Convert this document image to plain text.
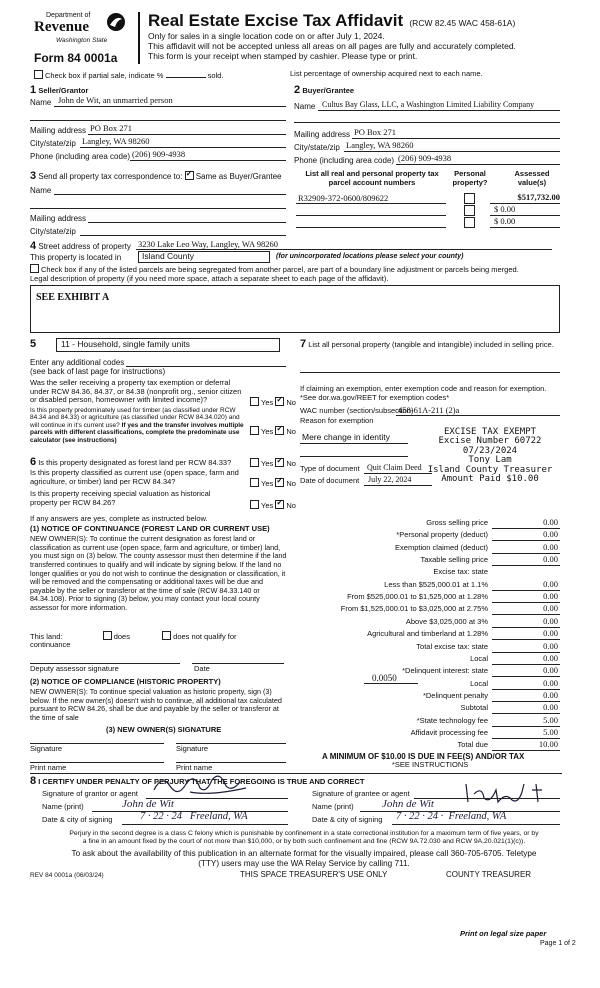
Department of
Revenue
Washington State
Form 84 0001a
Real Estate Excise Tax Affidavit (RCW 82.45 WAC 458-61A)
Only for sales in a single location code on or after July 1, 2024.
This affidavit will not be accepted unless all areas on all pages are fully and accurately completed.
This form is your receipt when stamped by cashier. Please type or print.
Check box if partial sale, indicate %	sold.	List percentage of ownership acquired next to each name.
1 Seller/Grantor
Name John de Wit, an unmarried person
Mailing address PO Box 271
City/state/zip Langley, WA 98260
Phone (including area code) (206) 909-4938
2 Buyer/Grantee
Name Cultus Bay Glass, LLC, a Washington Limited Liability Company
Mailing address PO Box 271
City/state/zip Langley, WA 98260
Phone (including area code) (206) 909-4938
3 Send all property tax correspondence to: ✓ Same as Buyer/Grantee
Name
Mailing address
City/state/zip
List all real and personal property tax parcel account numbers
Personal property?
Assessed value(s)
R32909-372-0600/809622	$517,732.00
$ 0.00
$ 0.00
4 Street address of property 3230 Lake Leo Way, Langley, WA 98260
This property is located in Island County	(for unincorporated locations please select your county)
Check box if any of the listed parcels are being segregated from another parcel, are part of a boundary line adjustment or parcels being merged.
Legal description of property (if you need more space, attach a separate sheet to each page of the affidavit).
SEE EXHIBIT A
5	11 - Household, single family units
Enter any additional codes
(see back of last page for instructions)
Was the seller receiving a property tax exemption or deferral under RCW 84.36, 84.37, or 84.38 (nonprofit org., senior citizen or disabled person, homeowner with limited income)?	Yes ✓ No
Is this property predominately used for timber (as classified under RCW 84.34 and 84.33) or agriculture (as classified under RCW 84.34.020) and will continue in it's current use? If yes and the transfer involves multiple parcels with different classifications, complete the predominate use calculator (see instructions)
Yes ✓ No
6 Is this property designated as forest land per RCW 84.33?	Yes ✓ No
Is this property classified as current use (open space, farm and agriculture, or timber) land per RCW 84.34?	Yes ✓ No
Is this property receiving special valuation as historical property per RCW 84.26?	Yes ✓ No
If any answers are yes, complete as instructed below.
(1) NOTICE OF CONTINUANCE (FOREST LAND OR CURRENT USE)
NEW OWNER(S): To continue the current designation as forest land or classification as current use (open space, farm and agriculture, or timber) land, you must sign on (3) below. The county assessor must then determine if the land transferred continues to qualify and will indicate by signing below. If the land no longer qualifies or you do not wish to continue the designation or classification, it will be removed and the compensating or additional taxes will be due and payable by the seller or transferor at the time of sale (RCW 84.33.140 or 84.34.108). Prior to signing (3) below, you may contact your local county assessor for more information.
This land:	does	does not qualify for
continuance
Deputy assessor signature	Date
(2) NOTICE OF COMPLIANCE (HISTORIC PROPERTY)
NEW OWNER(S): To continue special valuation as historic property, sign (3) below. If the new owner(s) doesn't wish to continue, all additional tax calculated pursuant to RCW 84.26, shall be due and payable by the seller or transferor at the time of sale
(3) NEW OWNER(S) SIGNATURE
Signature	Signature
Print name	Print name
7 List all personal property (tangible and intangible) included in selling price.
If claiming an exemption, enter exemption code and reason for exemption. *See dor.wa.gov/REET for exemption codes*
WAC number (section/subsection)
458-61A-211 (2)a
Reason for exemption
Mere change in identity	EXCISE TAX EXEMPT
Excise Number 60722
07/23/2024
Tony Lam
Island County Treasurer
Amount Paid $10.00
Type of document Quit Claim Deed
Date of document July 22, 2024
Gross selling price	0.00
*Personal property (deduct)	0.00
Exemption claimed (deduct)	0.00
Taxable selling price	0.00
Excise tax: state
Less than $525,000.01 at 1.1%	0.00
From $525,000.01 to $1,525,000 at 1.28%	0.00
From $1,525,000.01 to $3,025,000 at 2.75%	0.00
Above $3,025,000 at 3%	0.00
Agricultural and timberland at 1.28%	0.00
Total excise tax: state	0.00
Local	0.00
*Delinquent interest: state	0.00
Local	0.00
*Delinquent penalty	0.00
Subtotal	0.00
*State technology fee	5.00
Affidavit processing fee	5.00
Total due	10.00
0.0050
A MINIMUM OF $10.00 IS DUE IN FEE(S) AND/OR TAX
*SEE INSTRUCTIONS
8 I CERTIFY UNDER PENALTY OF PERJURY THAT THE FOREGOING IS TRUE AND CORRECT
Signature of grantor or agent	Signature of grantee or agent
Name (print)	John de Wit	Name (print)	John de Wit
Date & city of signing	7 · 22 · 24   Freeland, WA	Date & city of signing 7 · 22 · 24 ·  Freeland, WA
Perjury in the second degree is a class C felony which is punishable by confinement in a state correctional institution for a maximum term of five years, or by
a fine in an amount fixed by the court of not more than $10,000, or by both such confinement and fine (RCW 9A.72.030 and RCW 9A.20.021(1)(c)).
To ask about the availability of this publication in an alternate format for the visually impaired, please call 360-705-6705. Teletype
(TTY) users may use the WA Relay Service by calling 711.
REV 84 0001a (06/03/24)	THIS SPACE TREASURER'S USE ONLY	COUNTY TREASURER
Print on legal size paper
Page 1 of 2
